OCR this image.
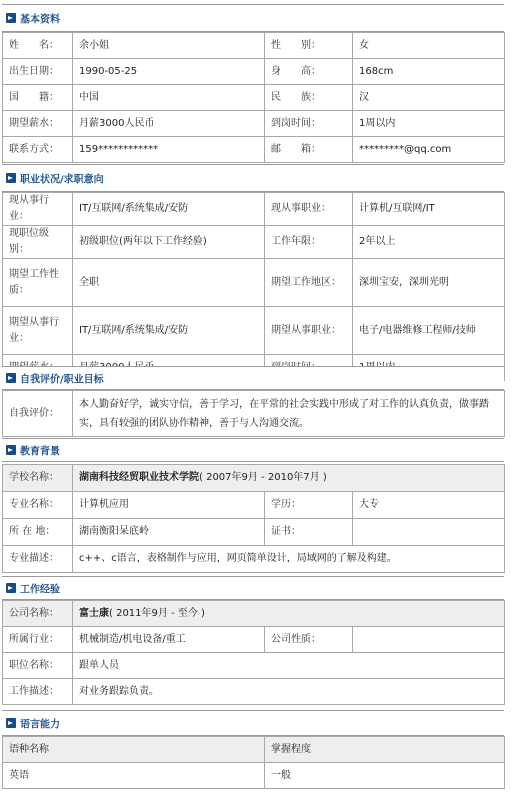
基本资料
姓　　名：	余小姐	性　　别：	女
出生日期：	1990-05-25	身　　高：	168cm
国　　籍：	中国	民　　族：	汉
期望薪水：	月薪3000人民币	到岗时间：	1周以内
联系方式：	159************	邮　　箱：	*********@qq.com
职业状况/求职意向
现从事行业：	IT/互联网/系统集成/安防	现从事职业：	计算机/互联网/IT
现职位级别：	初级职位(两年以下工作经验)	工作年限：	2年以上
期望工作性质：	全职	期望工作地区：	深圳宝安，深圳光明
期望从事行业：	IT/互联网/系统集成/安防	期望从事职业：	电子/电器维修工程师/技师

自我评价/职业目标
自我评价：	本人勤奋好学，诚实守信，善于学习，在平常的社会实践中形成了对工作的认真负责，做事踏实，具有较强的团队协作精神，善于与人沟通交流。
教育背景
学校名称：	湖南科技经贸职业技术学院( 2007年9月 - 2010年7月 )		
专业名称：	计算机应用	学历：	大专
所 在 地：	湖南衡阳呆底岭	证书：	
专业描述：	c++、c语言，表格制作与应用，网页简单设计，局域网的了解及构建。		
工作经验
公司名称：	富士康( 2011年9月 - 至今 )		
所属行业：	机械制造/机电设备/重工	公司性质：	
职位名称：	跟单人员		
工作描述：	对业务跟踪负责。		
语言能力
语种名称	掌握程度
英语	一般
